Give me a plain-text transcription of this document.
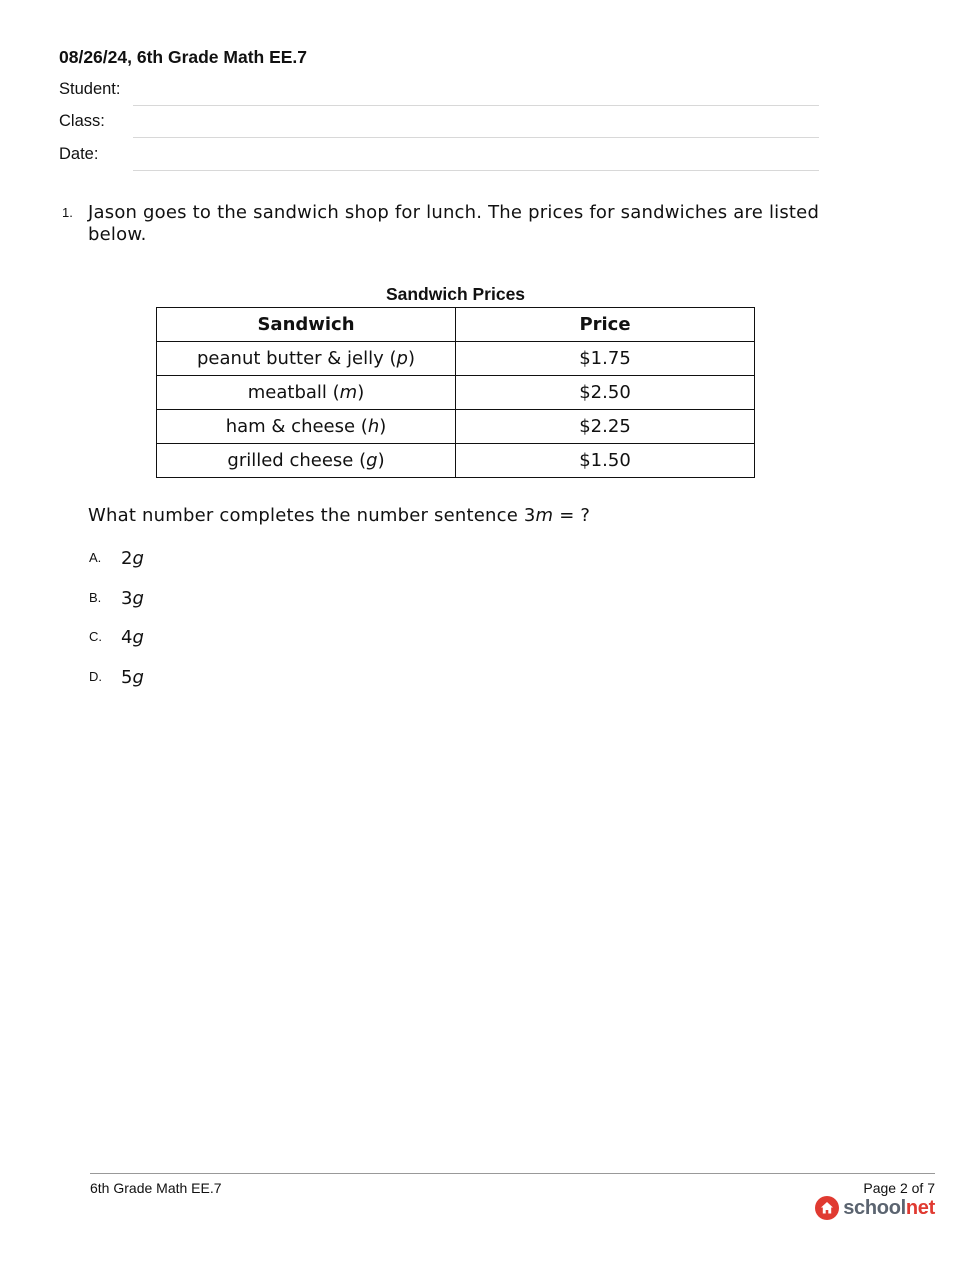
08/26/24, 6th Grade Math EE.7
Student:
Class:
Date:
1. Jason goes to the sandwich shop for lunch. The prices for sandwiches are listed below.
Sandwich Prices
Sandwich	Price
peanut butter & jelly (p)	$1.75
meatball (m)	$2.50
ham & cheese (h)	$2.25
grilled cheese (g)	$1.50
What number completes the number sentence 3m = ?
A. 2g
B. 3g
C. 4g
D. 5g
6th Grade Math EE.7	Page 2 of 7
schoolnet
